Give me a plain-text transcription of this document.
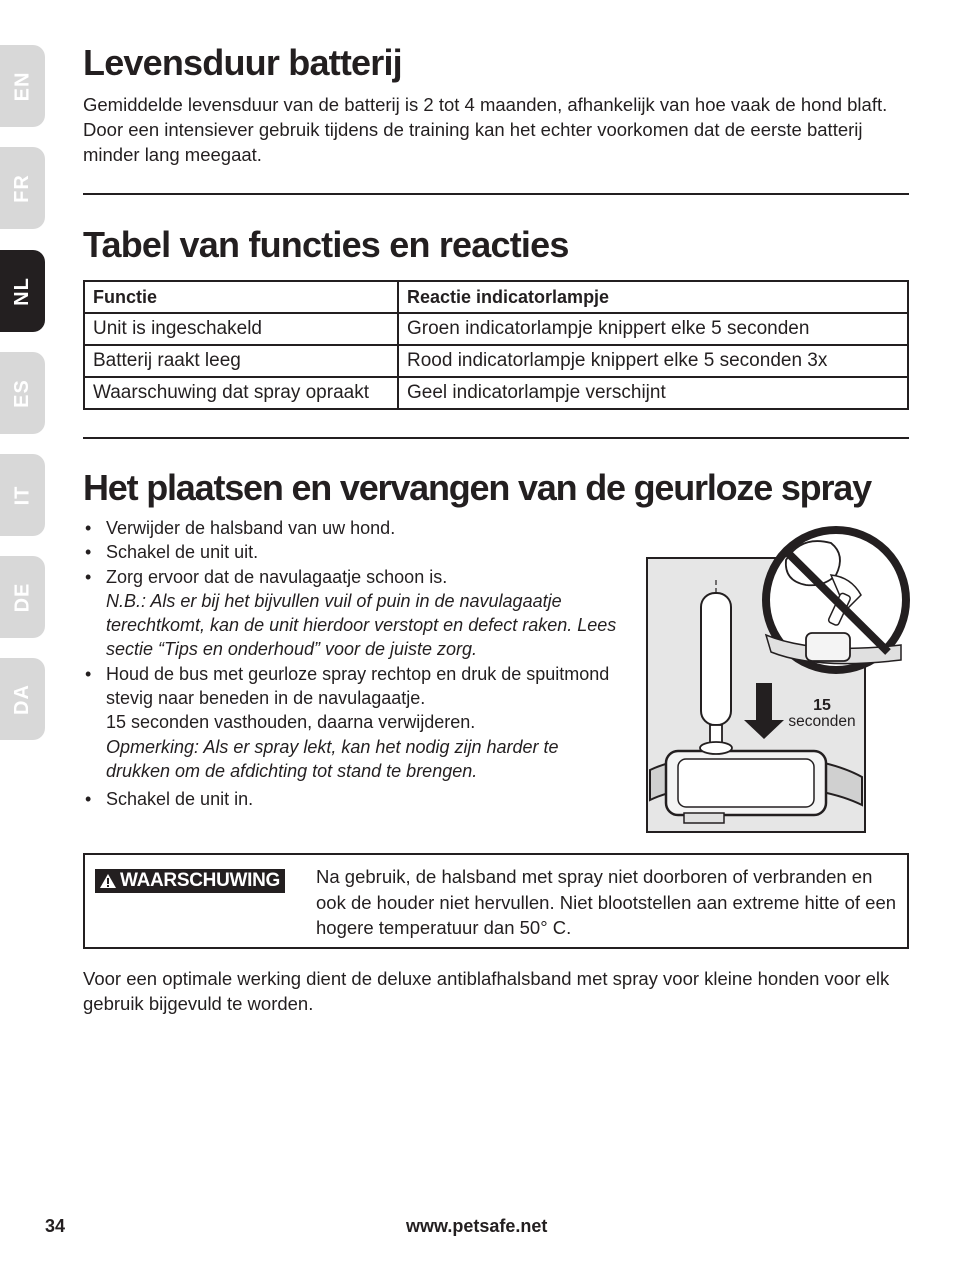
EN
FR
NL
ES
IT
DE
DA
Levensduur batterij

Gemiddelde levensduur van de batterij is 2 tot 4 maanden, afhankelijk van hoe vaak de hond blaft. Door een intensiever gebruik tijdens de training kan het echter voorkomen dat de eerste batterij minder lang meegaat.

Tabel van functies en reacties
Functie	Reactie indicatorlampje
Unit is ingeschakeld	Groen indicatorlampje knippert elke 5 seconden
Batterij raakt leeg	Rood indicatorlampje knippert elke 5 seconden 3x
Waarschuwing dat spray opraakt	Geel indicatorlampje verschijnt
Het plaatsen en vervangen van de geurloze spray
• Verwijder de halsband van uw hond.
• Schakel de unit uit.
• Zorg ervoor dat de navulagaatje schoon is.
N.B.: Als er bij het bijvullen vuil of puin in de navulagaatje terechtkomt, kan de unit hierdoor verstopt en defect raken. Lees sectie “Tips en onderhoud” voor de juiste zorg.
• Houd de bus met geurloze spray rechtop en druk de spuitmond stevig naar beneden in de navulagaatje.
15 seconden vasthouden, daarna verwijderen.
Opmerking: Als er spray lekt, kan het nodig zijn harder te drukken om de afdichting tot stand te brengen.
• Schakel de unit in.
15
seconden
WAARSCHUWING Na gebruik, de halsband met spray niet doorboren of verbranden en ook de houder niet hervullen. Niet blootstellen aan extreme hitte of een hogere temperatuur dan 50° C.

Voor een optimale werking dient de deluxe antiblafhalsband met spray voor kleine honden voor elk gebruik bijgevuld te worden.

34	www.petsafe.net
